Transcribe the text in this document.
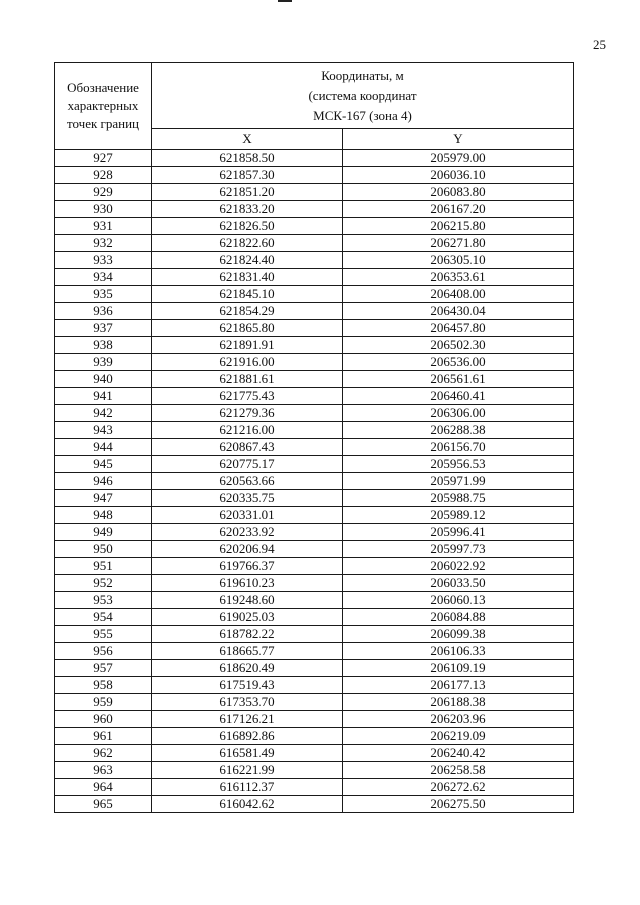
25
Обозначение характерных точек границ	Координаты, м
(система координат
МСК-167 (зона 4)	

	X	Y
927	621858.50	205979.00
928	621857.30	206036.10
929	621851.20	206083.80
930	621833.20	206167.20
931	621826.50	206215.80
932	621822.60	206271.80
933	621824.40	206305.10
934	621831.40	206353.61
935	621845.10	206408.00
936	621854.29	206430.04
937	621865.80	206457.80
938	621891.91	206502.30
939	621916.00	206536.00
940	621881.61	206561.61
941	621775.43	206460.41
942	621279.36	206306.00
943	621216.00	206288.38
944	620867.43	206156.70
945	620775.17	205956.53
946	620563.66	205971.99
947	620335.75	205988.75
948	620331.01	205989.12
949	620233.92	205996.41
950	620206.94	205997.73
951	619766.37	206022.92
952	619610.23	206033.50
953	619248.60	206060.13
954	619025.03	206084.88
955	618782.22	206099.38
956	618665.77	206106.33
957	618620.49	206109.19
958	617519.43	206177.13
959	617353.70	206188.38
960	617126.21	206203.96
961	616892.86	206219.09
962	616581.49	206240.42
963	616221.99	206258.58
964	616112.37	206272.62
965	616042.62	206275.50
